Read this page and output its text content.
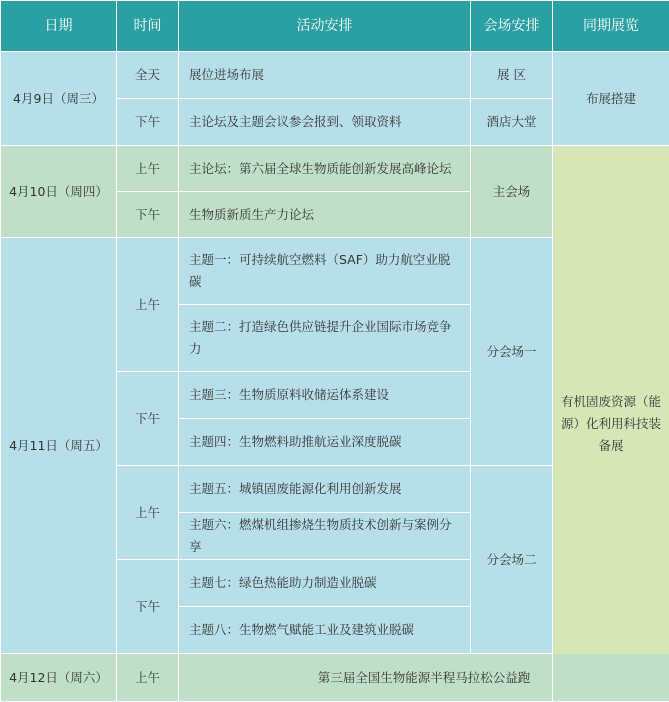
日期	时间	活动安排	会场安排	同期展览
4月9日（周三）	全天	展位进场布展	展 区	布展搭建
	下午	主论坛及主题会议参会报到、领取资料	酒店大堂	
4月10日（周四）	上午	主论坛：第六届全球生物质能创新发展高峰论坛	主会场	有机固废资源（能源）化利用科技装备展
	下午	生物质新质生产力论坛		
4月11日（周五）	上午	主题一：可持续航空燃料（SAF）助力航空业脱碳	分会场一	
		主题二：打造绿色供应链提升企业国际市场竞争力		
	下午	主题三：生物质原料收储运体系建设		
		主题四：生物燃料助推航运业深度脱碳		
	上午	主题五：城镇固废能源化利用创新发展	分会场二	
		主题六：燃煤机组掺烧生物质技术创新与案例分享		
	下午	主题七：绿色热能助力制造业脱碳		
		主题八：生物燃气赋能工业及建筑业脱碳		
4月12日（周六）	上午	第三届全国生物能源半程马拉松公益跑		
